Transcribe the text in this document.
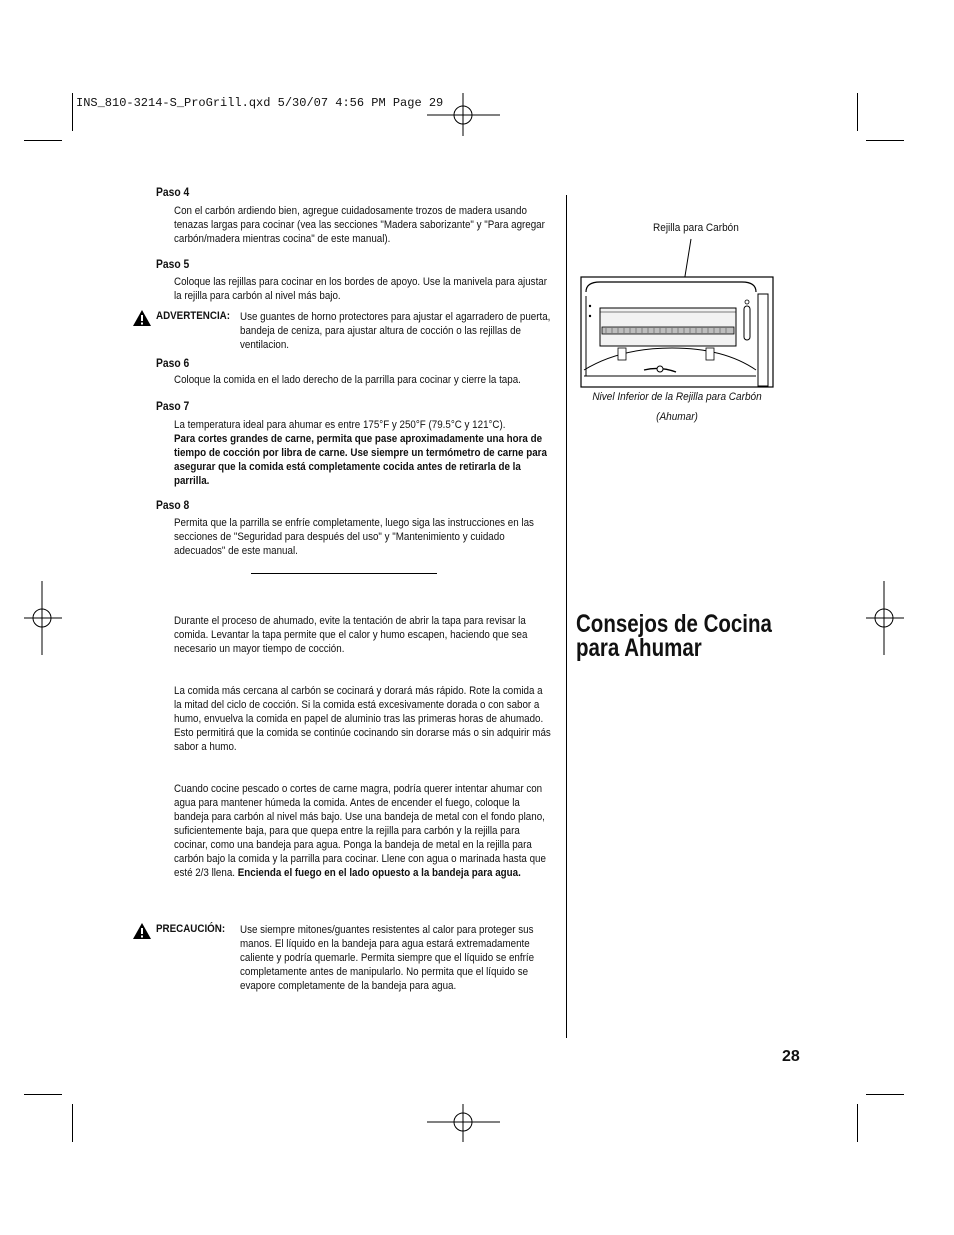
INS_810-3214-S_ProGrill.qxd 5/30/07 4:56 PM Page 29
Paso 4
Con el carbón ardiendo bien, agregue cuidadosamente trozos de madera usando tenazas largas para cocinar (vea las secciones "Madera saborizante" y "Para agregar carbón/madera mientras cocina" de este manual).
Paso 5
Coloque las rejillas para cocinar en los bordes de apoyo. Use la manivela para ajustar la rejilla para carbón al nivel más bajo.
ADVERTENCIA: Use guantes de horno protectores para ajustar el agarradero de puerta, bandeja de ceniza, para ajustar altura de cocción o las rejillas de ventilacion.
Paso 6
Coloque la comida en el lado derecho de la parrilla para cocinar y cierre la tapa.
Paso 7
La temperatura ideal para ahumar es entre 175°F y 250°F (79.5°C y 121°C).
Para cortes grandes de carne, permita que pase aproximadamente una hora de tiempo de cocción por libra de carne. Use siempre un termómetro de carne para asegurar que la comida está completamente cocida antes de retirarla de la parrilla.
Paso 8
Permita que la parrilla se enfríe completamente, luego siga las instrucciones en las secciones de "Seguridad para después del uso" y "Mantenimiento y cuidado adecuados" de este manual.
Durante el proceso de ahumado, evite la tentación de abrir la tapa para revisar la comida. Levantar la tapa permite que el calor y humo escapen, haciendo que sea necesario un mayor tiempo de cocción.
La comida más cercana al carbón se cocinará y dorará más rápido. Rote la comida a la mitad del ciclo de cocción. Si la comida está excesivamente dorada o con sabor a humo, envuelva la comida en papel de aluminio tras las primeras horas de ahumado. Esto permitirá que la comida se continúe cocinando sin dorarse más o sin adquirir más sabor a humo.
Cuando cocine pescado o cortes de carne magra, podría querer intentar ahumar con agua para mantener húmeda la comida. Antes de encender el fuego, coloque la bandeja para carbón al nivel más bajo. Use una bandeja de metal con el fondo plano, suficientemente baja, para que quepa entre la rejilla para carbón y la rejilla para cocinar, como una bandeja para agua. Ponga la bandeja de metal en la rejilla para carbón bajo la comida y la parrilla para cocinar. Llene con agua o marinada hasta que esté 2/3 llena. Encienda el fuego en el lado opuesto a la bandeja para agua.
PRECAUCIÓN: Use siempre mitones/guantes resistentes al calor para proteger sus manos. El líquido en la bandeja para agua estará extremadamente caliente y podría quemarle. Permita siempre que el líquido se enfríe completamente antes de manipularlo. No permita que el líquido se evapore completamente de la bandeja para agua.
Rejilla para Carbón
Nivel Inferior de la Rejilla para Carbón
(Ahumar)
Consejos de Cocina
para Ahumar
28
